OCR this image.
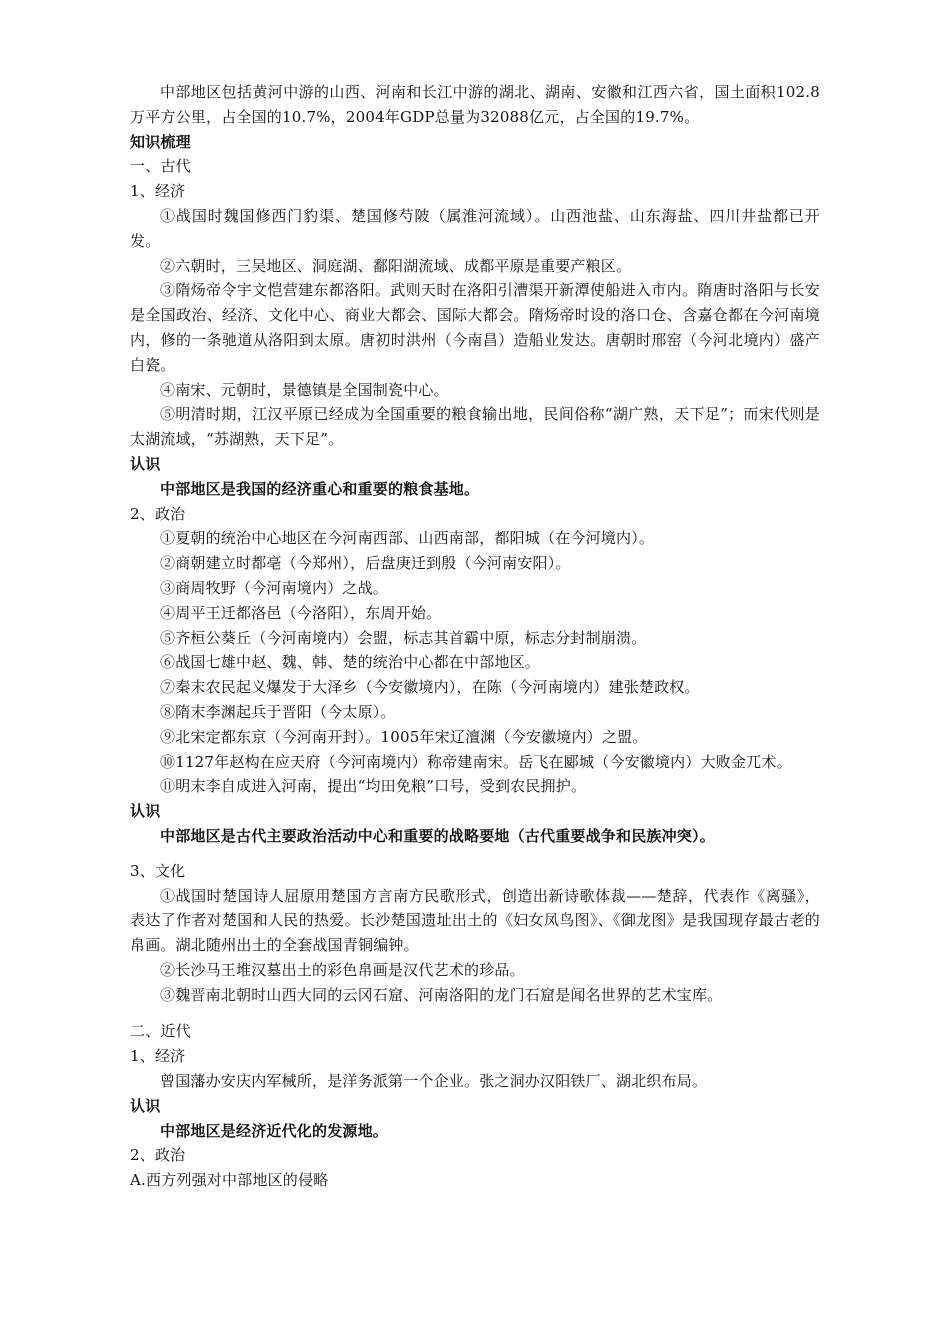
中部地区包括黄河中游的山西、河南和长江中游的湖北、湖南、安徽和江西六省，国土面积102.8万平方公里，占全国的10.7%，2004年GDP总量为32088亿元，占全国的19.7%。

知识梳理

一、古代

1、经济

①战国时魏国修西门豹渠、楚国修芍陂（属淮河流域）。山西池盐、山东海盐、四川井盐都已开发。

②六朝时，三吴地区、洞庭湖、鄱阳湖流域、成都平原是重要产粮区。

③隋炀帝令宇文恺营建东都洛阳。武则天时在洛阳引漕渠开新潭使船进入市内。隋唐时洛阳与长安是全国政治、经济、文化中心、商业大都会、国际大都会。隋炀帝时设的洛口仓、含嘉仓都在今河南境内，修的一条驰道从洛阳到太原。唐初时洪州（今南昌）造船业发达。唐朝时邢窑（今河北境内）盛产白瓷。

④南宋、元朝时，景德镇是全国制瓷中心。

⑤明清时期，江汉平原已经成为全国重要的粮食输出地，民间俗称“湖广熟，天下足”；而宋代则是太湖流域，“苏湖熟，天下足”。

认识

中部地区是我国的经济重心和重要的粮食基地。

2、政治

①夏朝的统治中心地区在今河南西部、山西南部，都阳城（在今河境内）。

②商朝建立时都亳（今郑州），后盘庚迁到殷（今河南安阳）。

③商周牧野（今河南境内）之战。

④周平王迁都洛邑（今洛阳），东周开始。

⑤齐桓公葵丘（今河南境内）会盟，标志其首霸中原，标志分封制崩溃。

⑥战国七雄中赵、魏、韩、楚的统治中心都在中部地区。

⑦秦末农民起义爆发于大泽乡（今安徽境内），在陈（今河南境内）建张楚政权。

⑧隋末李渊起兵于晋阳（今太原）。

⑨北宋定都东京（今河南开封）。1005年宋辽澶渊（今安徽境内）之盟。

⑩1127年赵构在应天府（今河南境内）称帝建南宋。岳飞在郾城（今安徽境内）大败金兀术。

⑪明末李自成进入河南，提出“均田免粮”口号，受到农民拥护。

认识

中部地区是古代主要政治活动中心和重要的战略要地（古代重要战争和民族冲突）。

3、文化

①战国时楚国诗人屈原用楚国方言南方民歌形式，创造出新诗歌体裁——楚辞，代表作《离骚》，表达了作者对楚国和人民的热爱。长沙楚国遗址出土的《妇女凤鸟图》、《御龙图》是我国现存最古老的帛画。湖北随州出土的全套战国青铜编钟。

②长沙马王堆汉墓出土的彩色帛画是汉代艺术的珍品。

③魏晋南北朝时山西大同的云冈石窟、河南洛阳的龙门石窟是闻名世界的艺术宝库。

二、近代

1、经济

曾国藩办安庆内军械所，是洋务派第一个企业。张之洞办汉阳铁厂、湖北织布局。

认识

中部地区是经济近代化的发源地。

2、政治

A.西方列强对中部地区的侵略
